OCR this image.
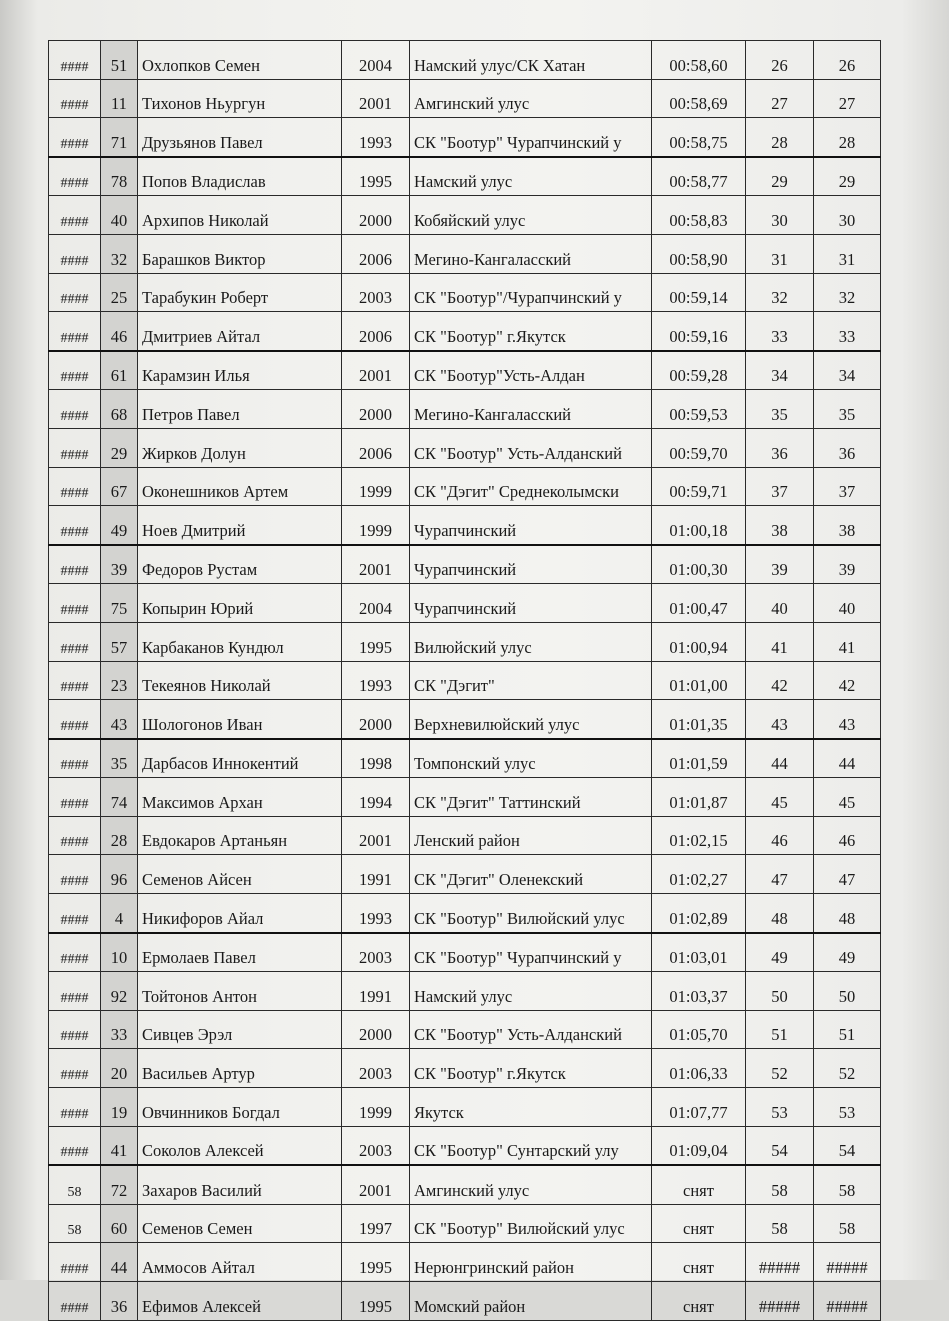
####	51	Охлопков Семен	2004	Намский улус/СК Хатан	00:58,60	26	26
####	11	Тихонов Ньургун	2001	Амгинский улус	00:58,69	27	27
####	71	Друзьянов Павел	1993	СК "Боотур" Чурапчинский у	00:58,75	28	28
####	78	Попов Владислав	1995	Намский улус	00:58,77	29	29
####	40	Архипов Николай	2000	Кобяйский улус	00:58,83	30	30
####	32	Барашков Виктор	2006	Мегино-Кангаласский	00:58,90	31	31
####	25	Тарабукин Роберт	2003	СК "Боотур"/Чурапчинский у	00:59,14	32	32
####	46	Дмитриев Айтал	2006	СК "Боотур" г.Якутск	00:59,16	33	33
####	61	Карамзин Илья	2001	СК "Боотур"Усть-Алдан	00:59,28	34	34
####	68	Петров Павел	2000	Мегино-Кангаласский	00:59,53	35	35
####	29	Жирков Долун	2006	СК "Боотур" Усть-Алданский	00:59,70	36	36
####	67	Оконешников Артем	1999	СК "Дэгит" Среднеколымски	00:59,71	37	37
####	49	Ноев Дмитрий	1999	Чурапчинский	01:00,18	38	38
####	39	Федоров Рустам	2001	Чурапчинский	01:00,30	39	39
####	75	Копырин Юрий	2004	Чурапчинский	01:00,47	40	40
####	57	Карбаканов Кундюл	1995	Вилюйский улус	01:00,94	41	41
####	23	Текеянов Николай	1993	СК "Дэгит"	01:01,00	42	42
####	43	Шологонов Иван	2000	Верхневилюйский улус	01:01,35	43	43
####	35	Дарбасов Иннокентий	1998	Томпонский улус	01:01,59	44	44
####	74	Максимов Архан	1994	СК "Дэгит" Таттинский	01:01,87	45	45
####	28	Евдокаров Артаньян	2001	Ленский район	01:02,15	46	46
####	96	Семенов Айсен	1991	СК "Дэгит" Оленекский	01:02,27	47	47
####	4	Никифоров Айал	1993	СК "Боотур" Вилюйский улус	01:02,89	48	48
####	10	Ермолаев Павел	2003	СК "Боотур" Чурапчинский у	01:03,01	49	49
####	92	Тойтонов Антон	1991	Намский улус	01:03,37	50	50
####	33	Сивцев Эрэл	2000	СК "Боотур" Усть-Алданский	01:05,70	51	51
####	20	Васильев Артур	2003	СК "Боотур" г.Якутск	01:06,33	52	52
####	19	Овчинников Богдал	1999	Якутск	01:07,77	53	53
####	41	Соколов Алексей	2003	СК "Боотур" Сунтарский улу	01:09,04	54	54
58	72	Захаров Василий	2001	Амгинский улус	снят	58	58
58	60	Семенов Семен	1997	СК "Боотур" Вилюйский улус	снят	58	58
####	44	Аммосов Айтал	1995	Нерюнгринский район	снят	#####	#####
####	36	Ефимов Алексей	1995	Момский район	снят	#####	#####
